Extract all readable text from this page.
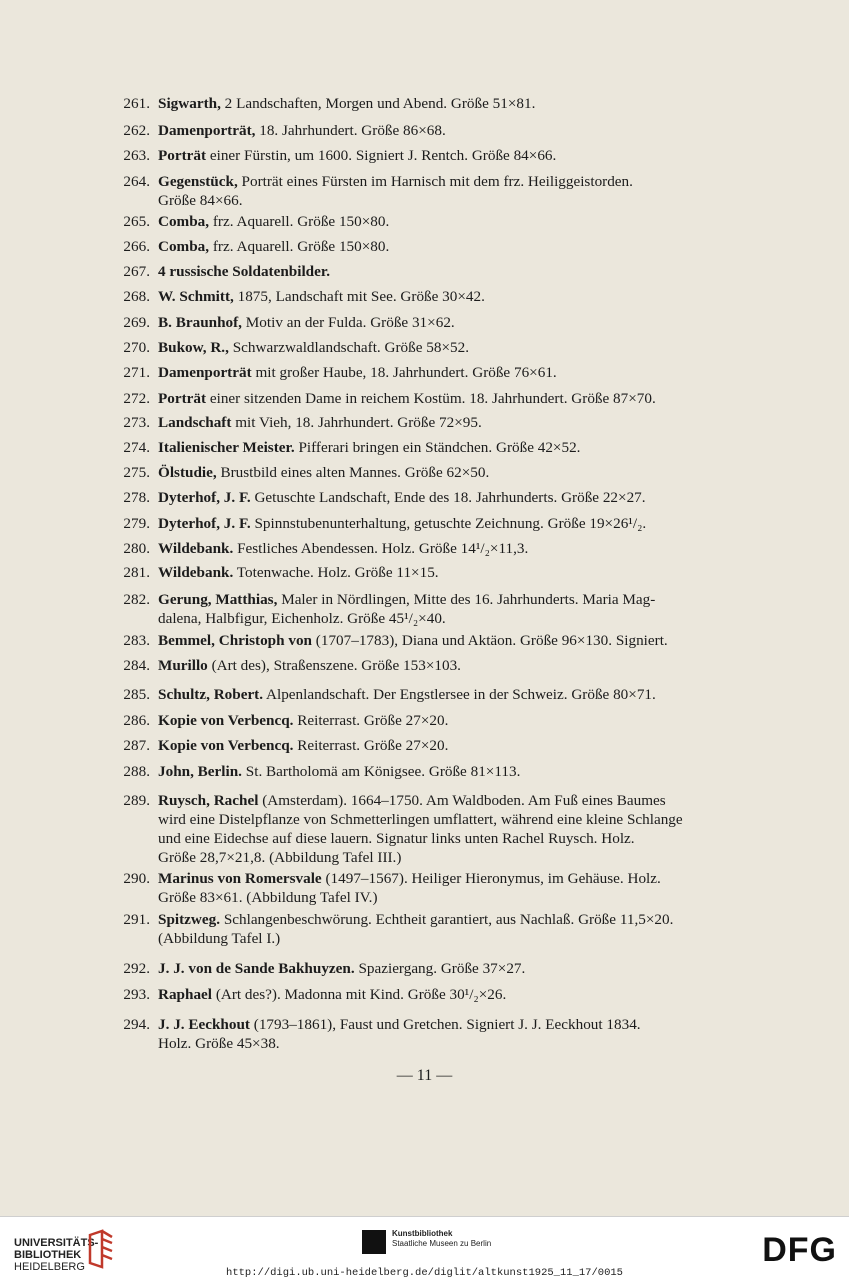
261. Sigwarth, 2 Landschaften, Morgen und Abend. Größe 51×81.
262. Damenporträt, 18. Jahrhundert. Größe 86×68.
263. Porträt einer Fürstin, um 1600. Signiert J. Rentch. Größe 84×66.
264. Gegenstück, Porträt eines Fürsten im Harnisch mit dem frz. Heiliggeistorden.
Größe 84×66.
265. Comba, frz. Aquarell. Größe 150×80.
266. Comba, frz. Aquarell. Größe 150×80.
267. 4 russische Soldatenbilder.
268. W. Schmitt, 1875, Landschaft mit See. Größe 30×42.
269. B. Braunhof, Motiv an der Fulda. Größe 31×62.
270. Bukow, R., Schwarzwaldlandschaft. Größe 58×52.
271. Damenporträt mit großer Haube, 18. Jahrhundert. Größe 76×61.
272. Porträt einer sitzenden Dame in reichem Kostüm. 18. Jahrhundert. Größe 87×70.
273. Landschaft mit Vieh, 18. Jahrhundert. Größe 72×95.
274. Italienischer Meister. Pifferari bringen ein Ständchen. Größe 42×52.
275. Ölstudie, Brustbild eines alten Mannes. Größe 62×50.
278. Dyterhof, J. F. Getuschte Landschaft, Ende des 18. Jahrhunderts. Größe 22×27.
279. Dyterhof, J. F. Spinnstubenunterhaltung, getuschte Zeichnung. Größe 19×26¹/₂.
280. Wildebank. Festliches Abendessen. Holz. Größe 14¹/₂×11,3.
281. Wildebank. Totenwache. Holz. Größe 11×15.
282. Gerung, Matthias, Maler in Nördlingen, Mitte des 16. Jahrhunderts. Maria Mag-
dalena, Halbfigur, Eichenholz. Größe 45¹/₂×40.
283. Bemmel, Christoph von (1707–1783), Diana und Aktäon. Größe 96×130. Signiert.
284. Murillo (Art des), Straßenszene. Größe 153×103.
285. Schultz, Robert. Alpenlandschaft. Der Engstlersee in der Schweiz. Größe 80×71.
286. Kopie von Verbencq. Reiterrast. Größe 27×20.
287. Kopie von Verbencq. Reiterrast. Größe 27×20.
288. John, Berlin. St. Bartholomä am Königsee. Größe 81×113.
289. Ruysch, Rachel (Amsterdam). 1664–1750. Am Waldboden. Am Fuß eines Baumes
wird eine Distelpflanze von Schmetterlingen umflattert, während eine kleine Schlange
und eine Eidechse auf diese lauern. Signatur links unten Rachel Ruysch. Holz.
Größe 28,7×21,8. (Abbildung Tafel III.)
290. Marinus von Romersvale (1497–1567). Heiliger Hieronymus, im Gehäuse. Holz.
Größe 83×61. (Abbildung Tafel IV.)
291. Spitzweg. Schlangenbeschwörung. Echtheit garantiert, aus Nachlaß. Größe 11,5×20.
(Abbildung Tafel I.)
292. J. J. von de Sande Bakhuyzen. Spaziergang. Größe 37×27.
293. Raphael (Art des?). Madonna mit Kind. Größe 30¹/₂×26.
294. J. J. Eeckhout (1793–1861), Faust und Gretchen. Signiert J. J. Eeckhout 1834.
Holz. Größe 45×38.
— 11 —
UNIVERSITÄTS-
BIBLIOTHEK
HEIDELBERG
Kunstbibliothek
Staatliche Museen zu Berlin	DFG
http://digi.ub.uni-heidelberg.de/diglit/altkunst1925_11_17/0015
